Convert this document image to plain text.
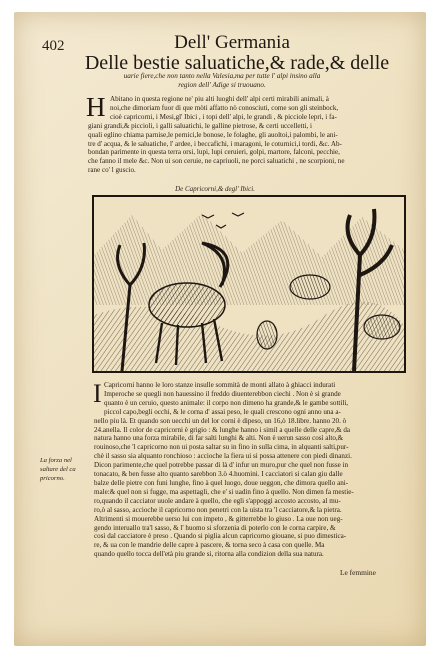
402	Dell' Germania
Delle bestie saluatiche,& rade,& delle
uarie fiere,che non tanto nella Valesia,ma per tutte l' alpi insino alla
region dell' Adige si truouano.
H Abitano in questa regione ne' piu alti luoghi dell' alpi certi mirabili animali, à
noi,che dimoriam fuor di que mòti affatto nò conosciuti, come son gli steinbock,
cioè capricorni, i Mesi,gl' Ibici , i topi dell' alpi, le grandi , & picciole lepri, i fa-
giani grandi,& piccioli, i galli saluatichi, le galline pietrose, & certi uccelletti, i
quali eglino chiama parnise,le pernici,le bonose, le folaghe, gli auoltoi,i palombi, le ani-
tre d' acqua, & le saluatiche, l' ardee, i beccafichi, i maragoni, le coturnici,i tordi, &c. Ab-
bondan parimente in questa terra orsi, lupi, lupi ceruieri, golpi, martore, falconi, pecchie,
che fanno il mele &c. Non ui son ceruie, ne capriuoli, ne porci saluatichi , ne scorpioni, ne
rane co' l guscio.
De Capricorni,& degl' Ibici.
I Capricorni hanno le loro stanze insulle sommità de monti allato à ghiacci indurati
Imperoche se quegli non hauessino il freddo diuenterebbon ciechi . Non è si grande
quanto è un ceruio, questo animale: il corpo non dimeno ha grande,& le gambe sottili,
piccol capo,begli occhi, & le corna d' assai peso, le quali crescono ogni anno una a-
nello piu là. Et quando son uecchi un del lor corni è dipeso, un 16,ò 18.libre. hanno 20. ò
24.anella. Il color de capricorni è grigio : & lunghe hanno i simil a quelle delle capre,& da
natura hanno una forza mirabile, di far salti lunghi & alti. Non è uerun sasso così alto,&
rouinoso,che 'l capricorno non ui posta saltar su in fino in sulla cima, in alquanti salti,pur-
chè il sasso sia alquanto ronchioso : accioche la fiera ui si possa attenere con piedi dinanzi.
Dicon parimente,che quel potrebbe passar di là d' infur un muro,pur che quel non fusse in
tonacato, & ben fusse alto quanto sarebbon 3.ò 4.huomini. I cacciatori si calan giu dalle
balze delle pietre con funi lunghe, fino à quel luogo, doue ueggon, che dimora quello ani-
male:& quel non si fugge, ma aspettagli, che e' si uadin fino à quello. Non dimen fa mestie-
ro,quando il cacciator uuole andare à quello, che egli s'appoggi accosto accosto, al mu-
ro,ò al sasso, accioche il capricorno non penetri con la uista tra 'l cacciatore,& la pietra.
Altrimenti si mouerebbe uerso lui con impeto , & gitterrebbe lo giuso . La oue non ueg-
gendo interuallo tra'l sasso, & l' huomo si sforzenia di poterlo con le corna carpire, &
così dal cacciatore è preso . Quando si piglia alcun capricorno giouane, si puo dimestica-
re, & ua con le mandrie delle capre à pascere, & torna seco à casa con quelle. Ma
quando quello tocca dell'età piu grande si, ritorna alla condizion della sua natura.
La forza nel
saltare del ca
pricorno.
Le femmine
